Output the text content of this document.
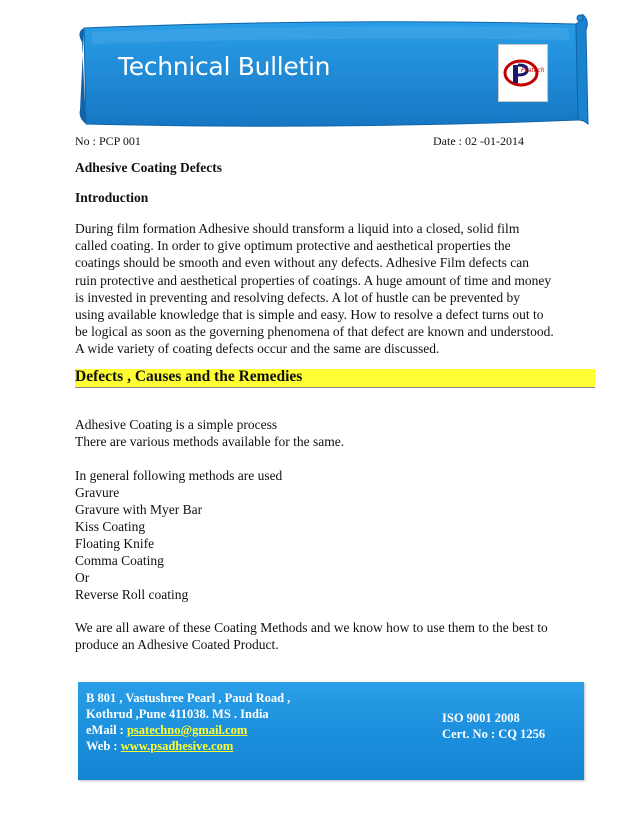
Technical Bulletin	Psatech
No : PCP 001	Date : 02 -01-2014
Adhesive Coating Defects
Introduction
During film formation Adhesive should transform a liquid into a closed, solid film
called coating. In order to give optimum protective and aesthetical properties the
coatings should be smooth and even without any defects. Adhesive Film defects can
ruin protective and aesthetical properties of coatings. A huge amount of time and money
is invested in preventing and resolving defects. A lot of hustle can be prevented by
using available knowledge that is simple and easy. How to resolve a defect turns out to
be logical as soon as the governing phenomena of that defect are known and understood.
A wide variety of coating defects occur and the same are discussed.
Defects , Causes and the Remedies
Adhesive Coating is a simple process
There are various methods available for the same.
In general following methods are used
Gravure
Gravure with Myer Bar
Kiss Coating
Floating Knife
Comma Coating
Or
Reverse Roll coating
We are all aware of these Coating Methods and we know how to use them to the best to
produce an Adhesive Coated Product.
B 801 , Vastushree Pearl , Paud Road ,
Kothrud ,Pune 411038. MS . India
eMail : psatechno@gmail.com
Web : www.psadhesive.com
ISO 9001 2008
Cert. No : CQ 1256
